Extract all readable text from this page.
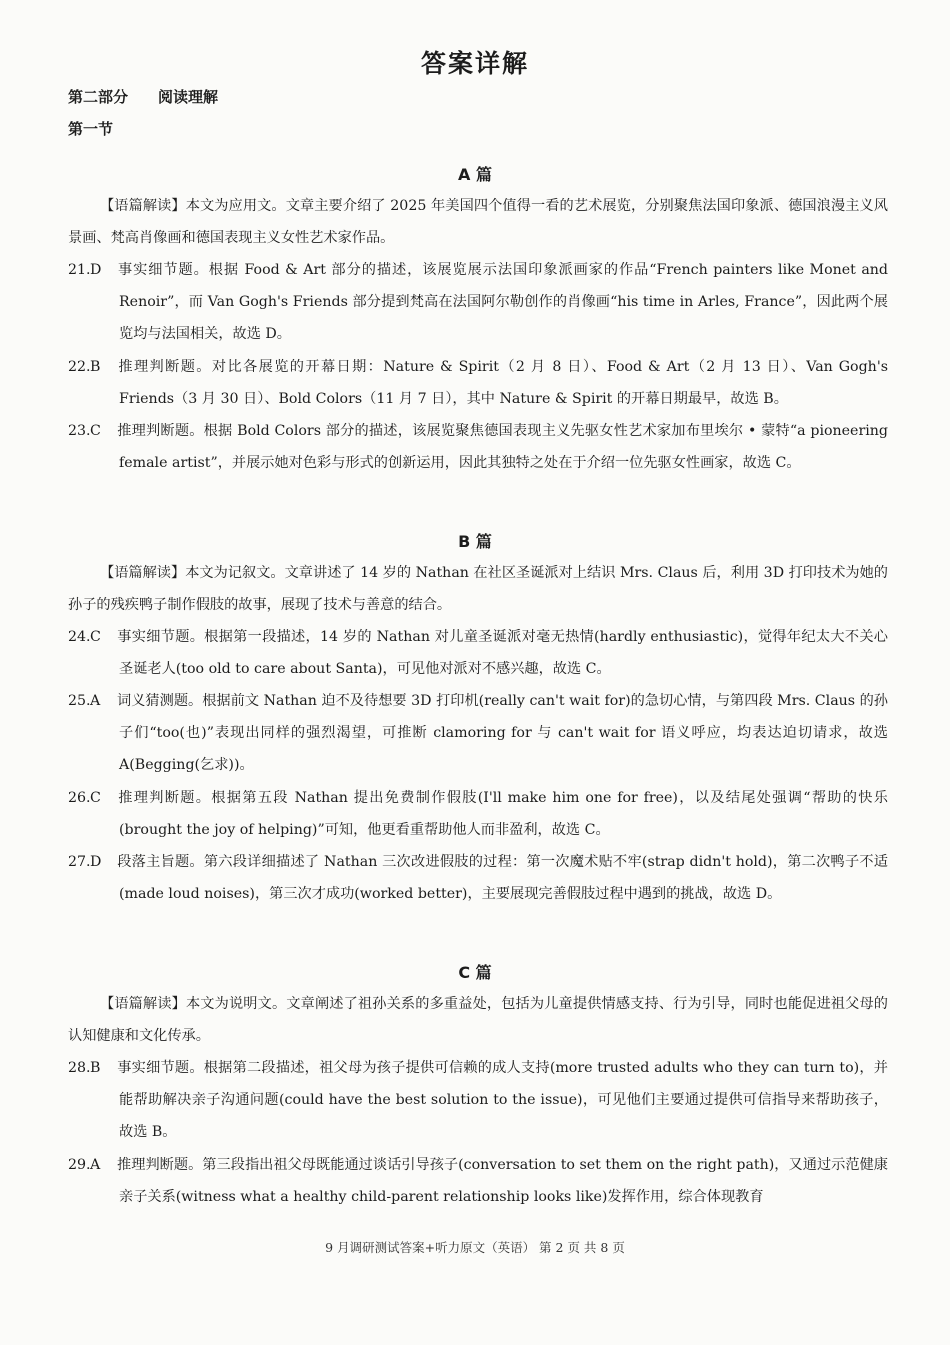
答案详解
第二部分 阅读理解
第一节
A 篇
【语篇解读】本文为应用文。文章主要介绍了 2025 年美国四个值得一看的艺术展览，分别聚焦法国印象派、德国浪漫主义风景画、梵高肖像画和德国表现主义女性艺术家作品。
21.D 事实细节题。根据 Food & Art 部分的描述，该展览展示法国印象派画家的作品“French painters like Monet and Renoir”，而 Van Gogh's Friends 部分提到梵高在法国阿尔勒创作的肖像画“his time in Arles, France”，因此两个展览均与法国相关，故选 D。
22.B 推理判断题。对比各展览的开幕日期：Nature & Spirit（2 月 8 日）、Food & Art（2 月 13 日）、Van Gogh's Friends（3 月 30 日）、Bold Colors（11 月 7 日），其中 Nature & Spirit 的开幕日期最早，故选 B。
23.C 推理判断题。根据 Bold Colors 部分的描述，该展览聚焦德国表现主义先驱女性艺术家加布里埃尔 • 蒙特“a pioneering female artist”，并展示她对色彩与形式的创新运用，因此其独特之处在于介绍一位先驱女性画家，故选 C。
B 篇
【语篇解读】本文为记叙文。文章讲述了 14 岁的 Nathan 在社区圣诞派对上结识 Mrs. Claus 后，利用 3D 打印技术为她的孙子的残疾鸭子制作假肢的故事，展现了技术与善意的结合。
24.C 事实细节题。根据第一段描述，14 岁的 Nathan 对儿童圣诞派对毫无热情(hardly enthusiastic)，觉得年纪太大不关心圣诞老人(too old to care about Santa)，可见他对派对不感兴趣，故选 C。
25.A 词义猜测题。根据前文 Nathan 迫不及待想要 3D 打印机(really can't wait for)的急切心情，与第四段 Mrs. Claus 的孙子们“too(也)”表现出同样的强烈渴望，可推断 clamoring for 与 can't wait for 语义呼应，均表达迫切请求，故选 A(Begging(乞求))。
26.C 推理判断题。根据第五段 Nathan 提出免费制作假肢(I'll make him one for free)，以及结尾处强调“帮助的快乐(brought the joy of helping)”可知，他更看重帮助他人而非盈利，故选 C。
27.D 段落主旨题。第六段详细描述了 Nathan 三次改进假肢的过程：第一次魔术贴不牢(strap didn't hold)，第二次鸭子不适(made loud noises)，第三次才成功(worked better)，主要展现完善假肢过程中遇到的挑战，故选 D。
C 篇
【语篇解读】本文为说明文。文章阐述了祖孙关系的多重益处，包括为儿童提供情感支持、行为引导，同时也能促进祖父母的认知健康和文化传承。
28.B 事实细节题。根据第二段描述，祖父母为孩子提供可信赖的成人支持(more trusted adults who they can turn to)，并能帮助解决亲子沟通问题(could have the best solution to the issue)，可见他们主要通过提供可信指导来帮助孩子，故选 B。
29.A 推理判断题。第三段指出祖父母既能通过谈话引导孩子(conversation to set them on the right path)，又通过示范健康亲子关系(witness what a healthy child-parent relationship looks like)发挥作用，综合体现教育
9 月调研测试答案+听力原文（英语） 第 2 页 共 8 页
